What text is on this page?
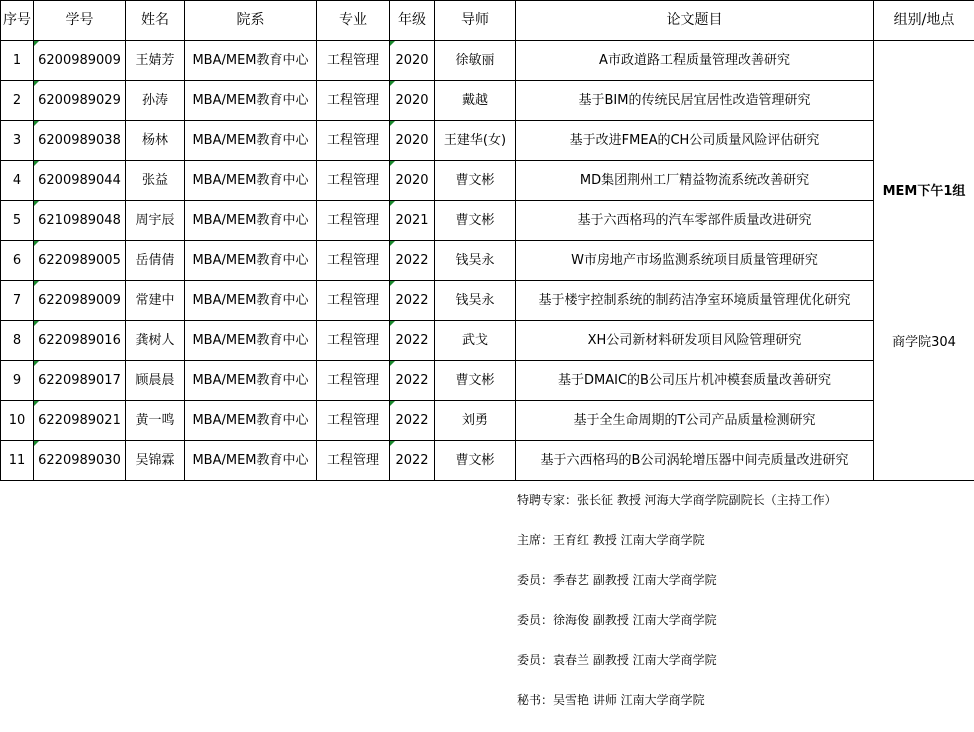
序号	学号	姓名	院系	专业	年级	导师	论文题目	组别/地点
1	6200989009	王婧芳	MBA/MEM教育中心	工程管理	2020	徐敏丽	A市政道路工程质量管理改善研究	MEM下午1组
商学院304

2	6200989029	孙涛	MBA/MEM教育中心	工程管理	2020	戴越	基于BIM的传统民居宜居性改造管理研究	
3	6200989038	杨林	MBA/MEM教育中心	工程管理	2020	王建华(女)	基于改进FMEA的CH公司质量风险评估研究	
4	6200989044	张益	MBA/MEM教育中心	工程管理	2020	曹文彬	MD集团荆州工厂精益物流系统改善研究	
5	6210989048	周宇辰	MBA/MEM教育中心	工程管理	2021	曹文彬	基于六西格玛的汽车零部件质量改进研究	
6	6220989005	岳倩倩	MBA/MEM教育中心	工程管理	2022	钱吴永	W市房地产市场监测系统项目质量管理研究	
7	6220989009	常建中	MBA/MEM教育中心	工程管理	2022	钱吴永	基于楼宇控制系统的制药洁净室环境质量管理优化研究	
8	6220989016	龚树人	MBA/MEM教育中心	工程管理	2022	武戈	XH公司新材料研发项目风险管理研究	
9	6220989017	顾晨晨	MBA/MEM教育中心	工程管理	2022	曹文彬	基于DMAIC的B公司压片机冲模套质量改善研究	
10	6220989021	黄一鸣	MBA/MEM教育中心	工程管理	2022	刘勇	基于全生命周期的T公司产品质量检测研究	
11	6220989030	吴锦霖	MBA/MEM教育中心	工程管理	2022	曹文彬	基于六西格玛的B公司涡轮增压器中间壳质量改进研究	
特聘专家：张长征 教授 河海大学商学院副院长（主持工作）
主席：王育红 教授 江南大学商学院
委员：季春艺 副教授 江南大学商学院
委员：徐海俊 副教授 江南大学商学院
委员：袁春兰 副教授 江南大学商学院
秘书：吴雪艳 讲师 江南大学商学院
